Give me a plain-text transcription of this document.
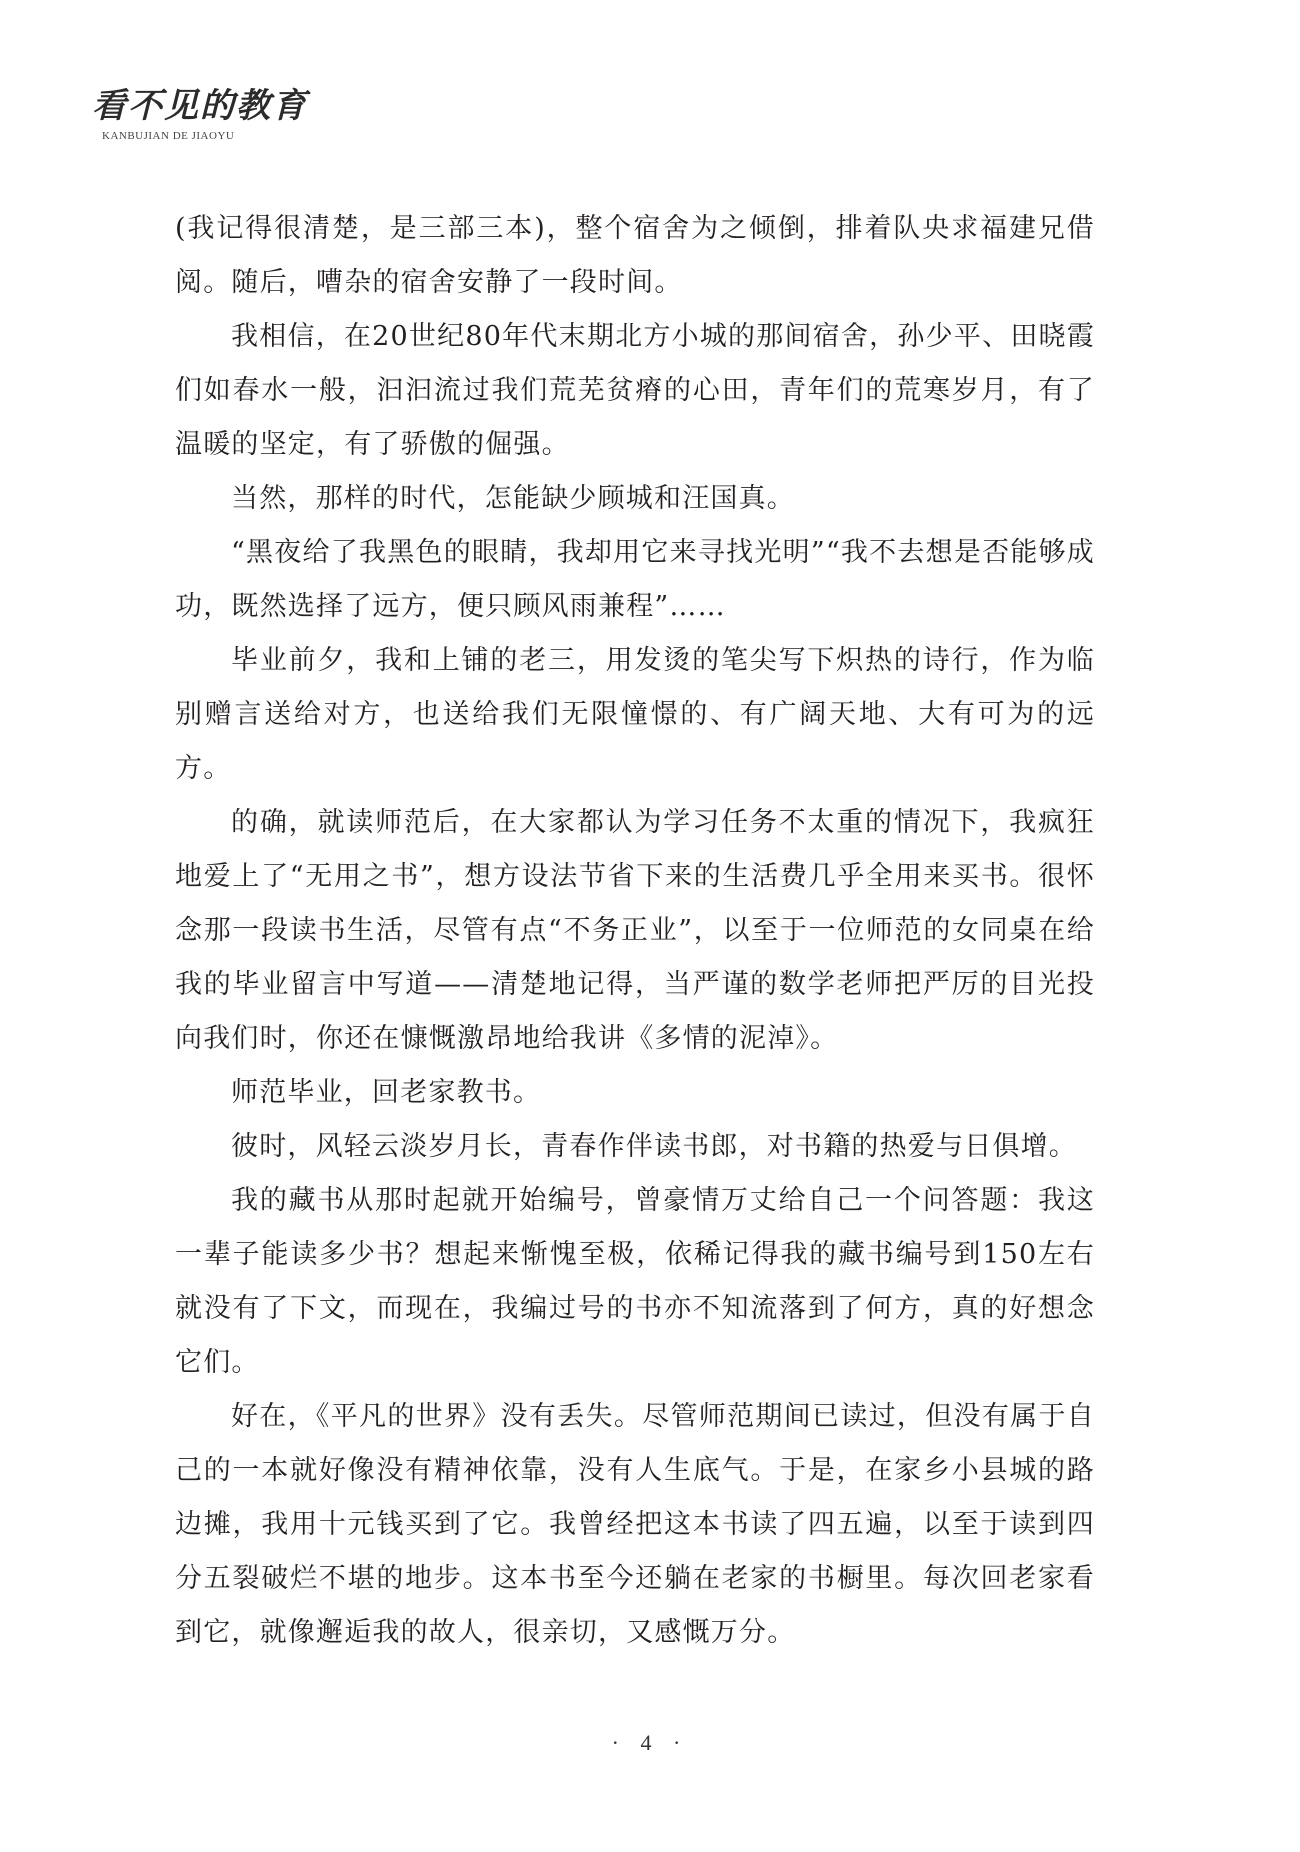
看不见的教育
KANBUJIAN DE JIAOYU

(我记得很清楚，是三部三本)，整个宿舍为之倾倒，排着队央求福建兄借阅。随后，嘈杂的宿舍安静了一段时间。

我相信，在20世纪80年代末期北方小城的那间宿舍，孙少平、田晓霞们如春水一般，汩汩流过我们荒芜贫瘠的心田，青年们的荒寒岁月，有了温暖的坚定，有了骄傲的倔强。

当然，那样的时代，怎能缺少顾城和汪国真。

“黑夜给了我黑色的眼睛，我却用它来寻找光明”“我不去想是否能够成功，既然选择了远方，便只顾风雨兼程”……

毕业前夕，我和上铺的老三，用发烫的笔尖写下炽热的诗行，作为临别赠言送给对方，也送给我们无限憧憬的、有广阔天地、大有可为的远方。

的确，就读师范后，在大家都认为学习任务不太重的情况下，我疯狂地爱上了“无用之书”，想方设法节省下来的生活费几乎全用来买书。很怀念那一段读书生活，尽管有点“不务正业”，以至于一位师范的女同桌在给我的毕业留言中写道——清楚地记得，当严谨的数学老师把严厉的目光投向我们时，你还在慷慨激昂地给我讲《多情的泥淖》。

师范毕业，回老家教书。

彼时，风轻云淡岁月长，青春作伴读书郎，对书籍的热爱与日俱增。

我的藏书从那时起就开始编号，曾豪情万丈给自己一个问答题：我这一辈子能读多少书？想起来惭愧至极，依稀记得我的藏书编号到150左右就没有了下文，而现在，我编过号的书亦不知流落到了何方，真的好想念它们。

好在，《平凡的世界》没有丢失。尽管师范期间已读过，但没有属于自己的一本就好像没有精神依靠，没有人生底气。于是，在家乡小县城的路边摊，我用十元钱买到了它。我曾经把这本书读了四五遍，以至于读到四分五裂破烂不堪的地步。这本书至今还躺在老家的书橱里。每次回老家看到它，就像邂逅我的故人，很亲切，又感慨万分。

· 4 ·
